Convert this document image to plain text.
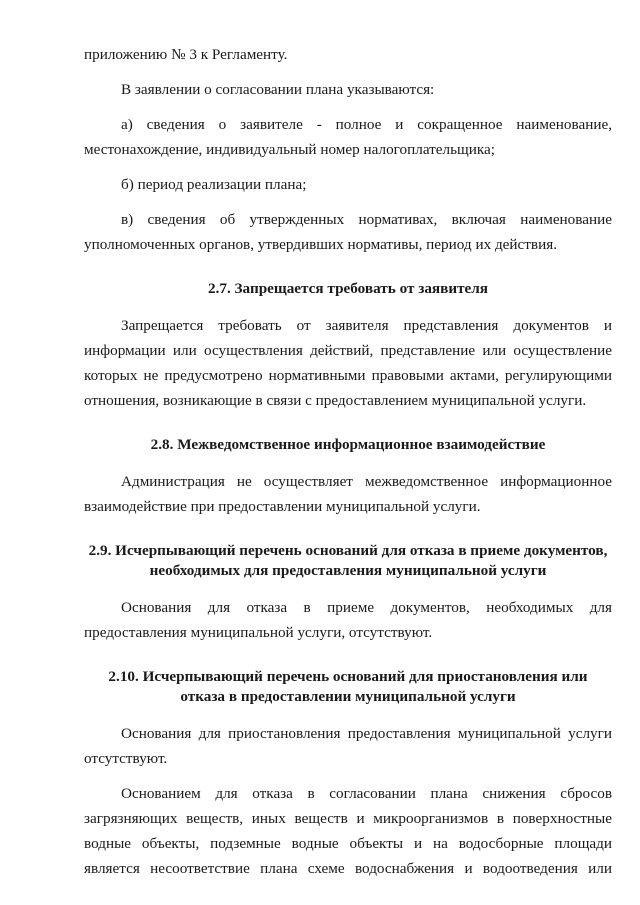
приложению № 3 к Регламенту.

В заявлении о согласовании плана указываются:

а) сведения о заявителе - полное и сокращенное наименование, местонахождение, индивидуальный номер налогоплательщика;

б) период реализации плана;

в) сведения об утвержденных нормативах, включая наименование уполномоченных органов, утвердивших нормативы, период их действия.

2.7. Запрещается требовать от заявителя

Запрещается требовать от заявителя представления документов и информации или осуществления действий, представление или осуществление которых не предусмотрено нормативными правовыми актами, регулирующими отношения, возникающие в связи с предоставлением муниципальной услуги.

2.8. Межведомственное информационное взаимодействие

Администрация не осуществляет межведомственное информационное взаимодействие при предоставлении муниципальной услуги.

2.9. Исчерпывающий перечень оснований для отказа в приеме документов,
необходимых для предоставления муниципальной услуги

Основания для отказа в приеме документов, необходимых для предоставления муниципальной услуги, отсутствуют.

2.10. Исчерпывающий перечень оснований для приостановления или
отказа в предоставлении муниципальной услуги

Основания для приостановления предоставления муниципальной услуги отсутствуют.

Основанием для отказа в согласовании плана снижения сбросов загрязняющих веществ, иных веществ и микроорганизмов в поверхностные водные объекты, подземные водные объекты и на водосборные площади является несоответствие плана схеме водоснабжения и водоотведения или
